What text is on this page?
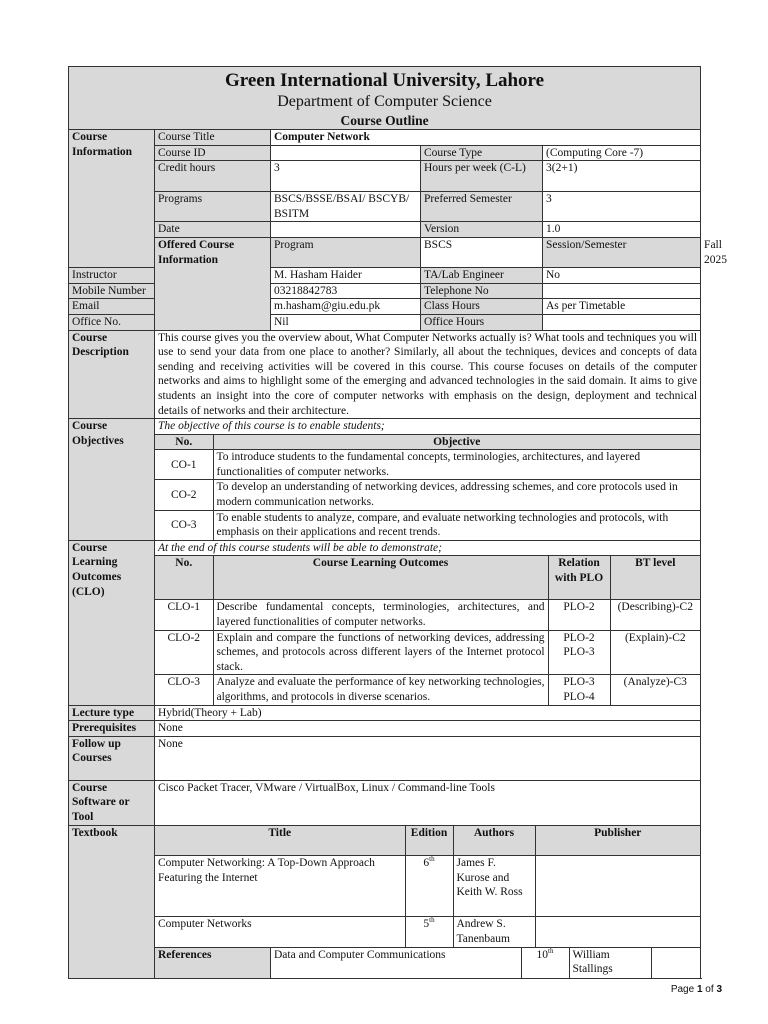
Green International University, Lahore
Department of Computer Science
Course Outline

Course Information	Course Title	Computer Network
Course ID		Course Type	(Computing Core -7)
Credit hours	3	Hours per week (C-L)	3(2+1)
Programs	BSCS/BSSE/BSAI/ BSCYB/ BSITM	Preferred Semester	3
Date		Version	1.0
Offered Course Information	Program	BSCS	Session/Semester	Fall 2025
Instructor	M. Hasham Haider	TA/Lab Engineer	No
Mobile Number	03218842783	Telephone No	
Email	m.hasham@giu.edu.pk	Class Hours	As per Timetable
Office No.	Nil	Office Hours	
Course Description	This course gives you the overview about, What Computer Networks actually is? What tools and techniques you will use to send your data from one place to another? Similarly, all about the techniques, devices and concepts of data sending and receiving activities will be covered in this course. This course focuses on details of the computer networks and aims to highlight some of the emerging and advanced technologies in the said domain. It aims to give students an insight into the core of computer networks with emphasis on the design, deployment and technical details of networks and their architecture.
Course Objectives	
The objective of this course is to enable students;
No.	Objective
CO-1	To introduce students to the fundamental concepts, terminologies, architectures, and layered functionalities of computer networks.
CO-2	To develop an understanding of networking devices, addressing schemes, and core protocols used in modern communication networks.
CO-3	To enable students to analyze, compare, and evaluate networking technologies and protocols, with emphasis on their applications and recent trends.

Course Learning Outcomes (CLO)	
At the end of this course students will be able to demonstrate;
No.	Course Learning Outcomes	Relation with PLO	BT level
CLO-1	Describe fundamental concepts, terminologies, architectures, and layered functionalities of computer networks.	PLO-2	(Describing)-C2
CLO-2	Explain and compare the functions of networking devices, addressing schemes, and protocols across different layers of the Internet protocol stack.	PLO-2 PLO-3	(Explain)-C2
CLO-3	Analyze and evaluate the performance of key networking technologies, algorithms, and protocols in diverse scenarios.	PLO-3 PLO-4	(Analyze)-C3

Lecture type	Hybrid(Theory + Lab)
Prerequisites	None
Follow up Courses	None
Course Software or Tool	Cisco Packet Tracer, VMware / VirtualBox, Linux / Command-line Tools
Textbook		Title	Edition	Authors	Publisher
Computer Networking: A Top-Down Approach Featuring the Internet	6th	James F. Kurose and Keith W. Ross	
Computer Networks	5th	Andrew S. Tanenbaum	

References		Data and Computer Communications	10th	William Stallings	
Page 1 of 3
